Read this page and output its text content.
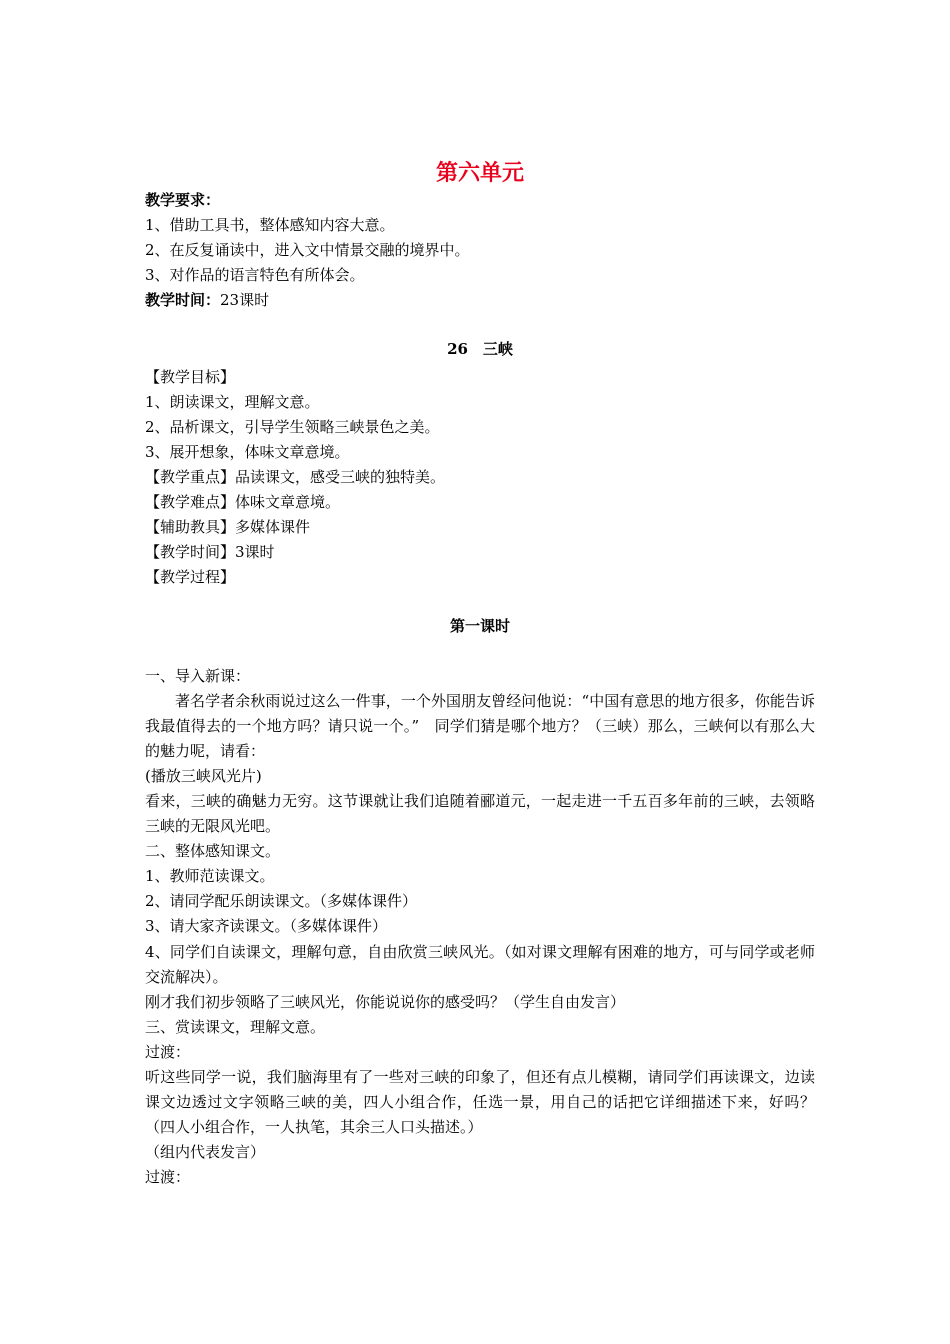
第六单元
教学要求：
1、借助工具书，整体感知内容大意。
2、在反复诵读中，进入文中情景交融的境界中。
3、对作品的语言特色有所体会。
教学时间：23课时
26　三峡
【教学目标】
1、朗读课文，理解文意。
2、品析课文，引导学生领略三峡景色之美。
3、展开想象，体味文章意境。
【教学重点】品读课文，感受三峡的独特美。
【教学难点】体味文章意境。
【辅助教具】多媒体课件
【教学时间】3课时
【教学过程】
第一课时
一、导入新课：
著名学者余秋雨说过这么一件事，一个外国朋友曾经问他说：“中国有意思的地方很多，你能告诉我最值得去的一个地方吗？请只说一个。”　同学们猜是哪个地方？（三峡）那么，三峡何以有那么大的魅力呢，请看：
(播放三峡风光片)
看来，三峡的确魅力无穷。这节课就让我们追随着郦道元，一起走进一千五百多年前的三峡，去领略三峡的无限风光吧。
二、整体感知课文。
1、教师范读课文。
2、请同学配乐朗读课文。（多媒体课件）
3、请大家齐读课文。（多媒体课件）
4、同学们自读课文，理解句意，自由欣赏三峡风光。（如对课文理解有困难的地方，可与同学或老师交流解决）。
刚才我们初步领略了三峡风光，你能说说你的感受吗？（学生自由发言）
三、赏读课文，理解文意。
过渡：
听这些同学一说，我们脑海里有了一些对三峡的印象了，但还有点儿模糊，请同学们再读课文，边读课文边透过文字领略三峡的美，四人小组合作，任选一景，用自己的话把它详细描述下来，好吗？（四人小组合作，一人执笔，其余三人口头描述。）
（组内代表发言）
过渡：
